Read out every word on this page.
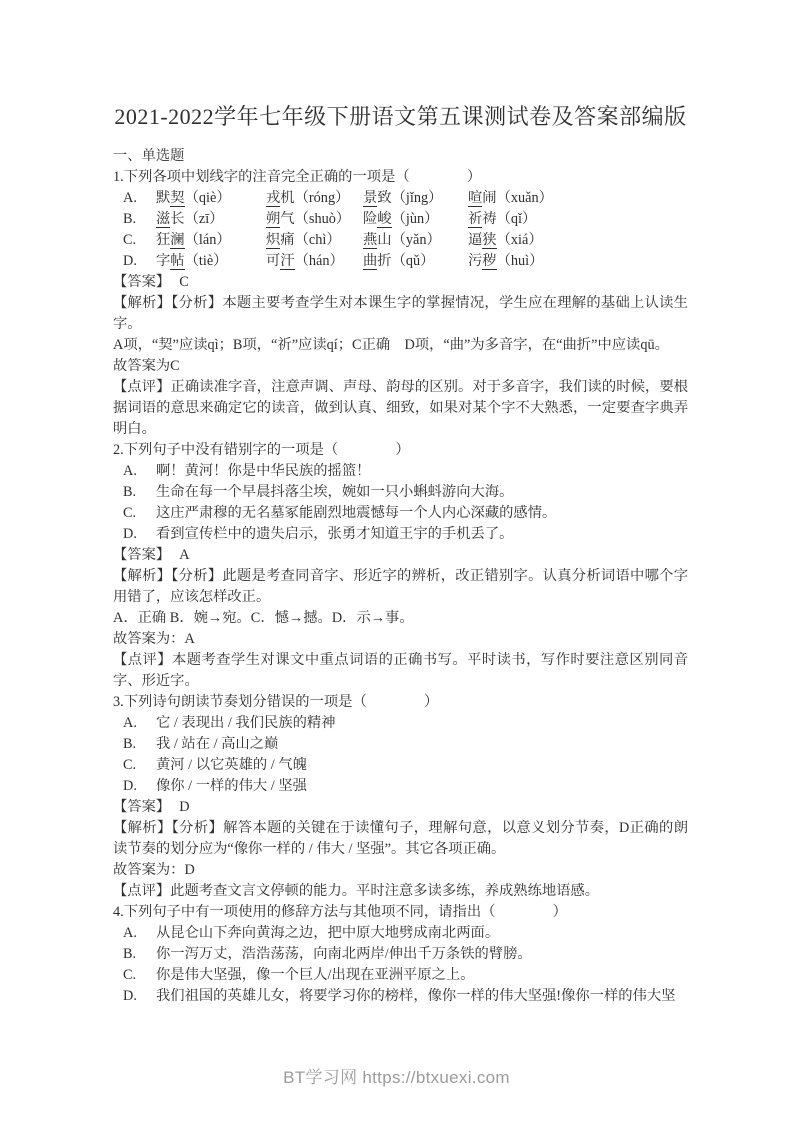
2021-2022学年七年级下册语文第五课测试卷及答案部编版

一、单选题

1.下列各项中划线字的注音完全正确的一项是（　　　　）

A.	默契（qiè）	戎机（róng） 景致（jǐng）	喧闹（xuǎn）
B.	滋长（zī）	朔气（shuò） 险峻（jùn）	祈祷（qǐ）
C.	狂澜（lán）	炽痛（chì）	燕山（yǎn）	逼狭（xiá）
D.	字帖（tiè）	可汗（hán）	曲折（qǔ）	污秽（huì）

【答案】 C

【解析】【分析】本题主要考查学生对本课生字的掌握情况，学生应在理解的基础上认读生字。

A项，“契”应读qì；B项，“祈”应读qí；C正确　D项，“曲”为多音字，在“曲折”中应读qū。

故答案为C

【点评】正确读准字音，注意声调、声母、韵母的区别。对于多音字，我们读的时候，要根据词语的意思来确定它的读音，做到认真、细致，如果对某个字不大熟悉，一定要查字典弄明白。

2.下列句子中没有错别字的一项是（　　　　）

A.	啊！黄河！你是中华民族的摇篮！

B.	生命在每一个早晨抖落尘埃，婉如一只小蝌蚪游向大海。

C.	这庄严肃穆的无名墓冢能剧烈地震憾每一个人内心深藏的感情。

D.	看到宣传栏中的遗失启示，张勇才知道王宇的手机丢了。

【答案】 A

【解析】【分析】此题是考查同音字、形近字的辨析，改正错别字。认真分析词语中哪个字用错了，应该怎样改正。

A．正确 B．婉→宛。C．憾→撼。D．示→事。

故答案为：A

【点评】本题考查学生对课文中重点词语的正确书写。平时读书，写作时要注意区别同音字、形近字。

3.下列诗句朗读节奏划分错误的一项是（　　　　）

A.	它 / 表现出 / 我们民族的精神

B.	我 / 站在 / 高山之巅

C.	黄河 / 以它英雄的 / 气魄

D.	像你 / 一样的伟大 / 坚强

【答案】 D

【解析】【分析】解答本题的关键在于读懂句子，理解句意，以意义划分节奏，D正确的朗读节奏的划分应为“像你一样的 / 伟大 / 坚强”。其它各项正确。

故答案为：D

【点评】此题考查文言文停顿的能力。平时注意多读多练，养成熟练地语感。

4.下列句子中有一项使用的修辞方法与其他项不同，请指出（　　　　）

A.	从昆仑山下奔向黄海之边，把中原大地劈成南北两面。

B.	你一泻万丈，浩浩荡荡，向南北两岸/伸出千万条铁的臂膀。

C.	你是伟大坚强，像一个巨人/出现在亚洲平原之上。

D.	我们祖国的英雄儿女，将要学习你的榜样，像你一样的伟大坚强!像你一样的伟大坚

BT学习网 https://btxuexi.com
